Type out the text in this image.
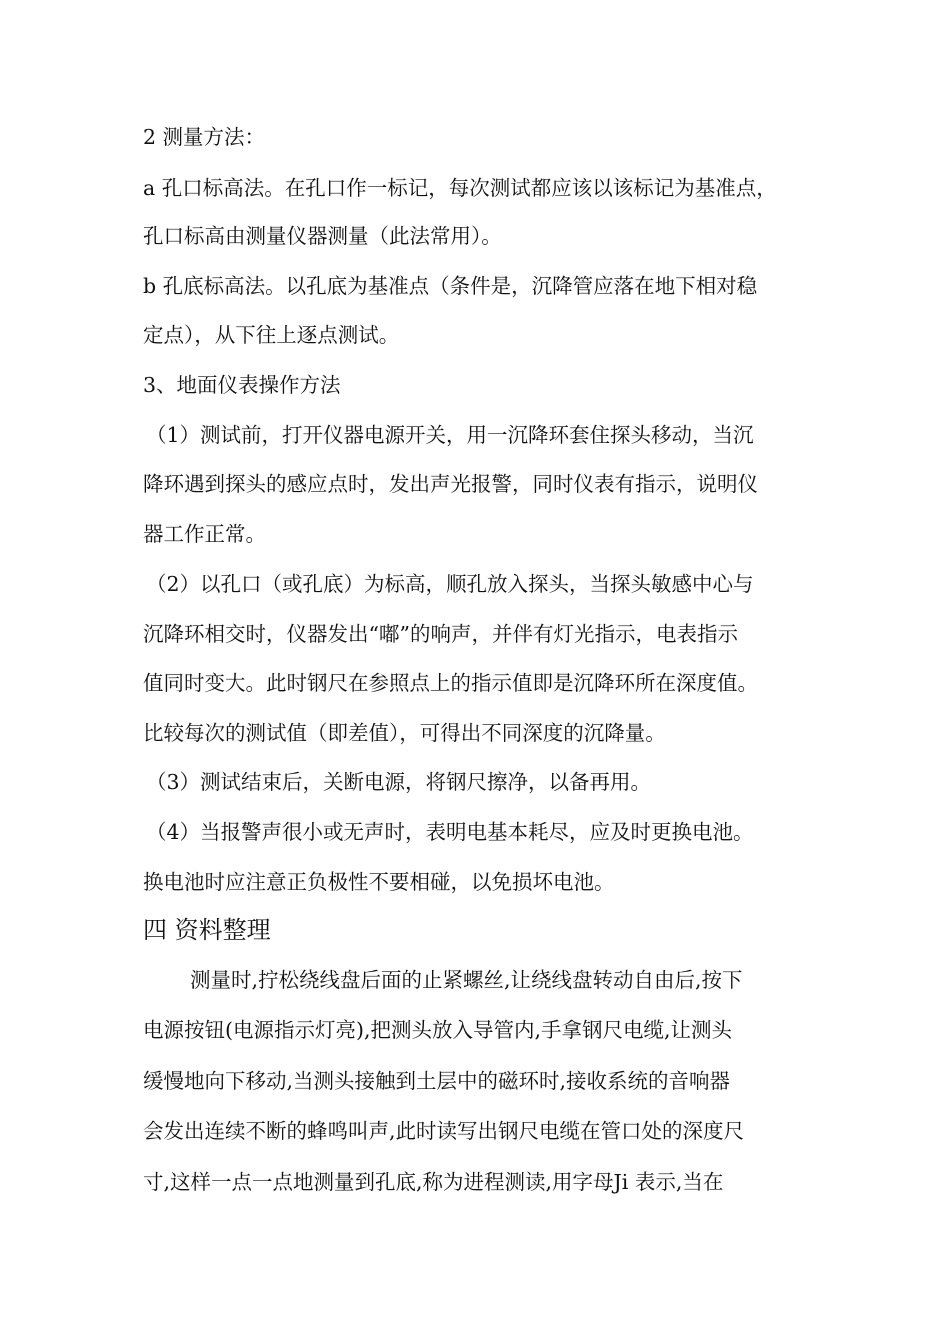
2 测量方法：

a 孔口标高法。在孔口作一标记，每次测试都应该以该标记为基准点，

孔口标高由测量仪器测量（此法常用）。

b 孔底标高法。以孔底为基准点（条件是，沉降管应落在地下相对稳

定点），从下往上逐点测试。

3、地面仪表操作方法

（1）测试前，打开仪器电源开关，用一沉降环套住探头移动，当沉

降环遇到探头的感应点时，发出声光报警，同时仪表有指示，说明仪

器工作正常。

（2）以孔口（或孔底）为标高，顺孔放入探头，当探头敏感中心与

沉降环相交时，仪器发出“嘟”的响声，并伴有灯光指示，电表指示

值同时变大。此时钢尺在参照点上的指示值即是沉降环所在深度值。

比较每次的测试值（即差值），可得出不同深度的沉降量。

（3）测试结束后，关断电源，将钢尺擦净，以备再用。

（4）当报警声很小或无声时，表明电基本耗尽，应及时更换电池。

换电池时应注意正负极性不要相碰，以免损坏电池。

四 资料整理

测量时,拧松绕线盘后面的止紧螺丝,让绕线盘转动自由后,按下

电源按钮(电源指示灯亮),把测头放入导管内,手拿钢尺电缆,让测头

缓慢地向下移动,当测头接触到土层中的磁环时,接收系统的音响器

会发出连续不断的蜂鸣叫声,此时读写出钢尺电缆在管口处的深度尺

寸,这样一点一点地测量到孔底,称为进程测读,用字母Ji 表示,当在
